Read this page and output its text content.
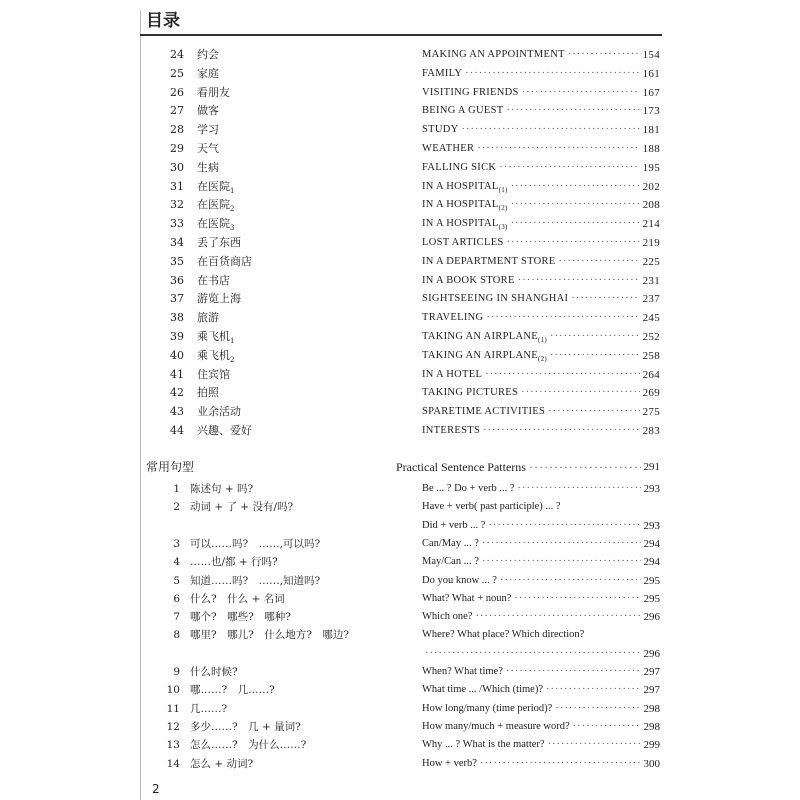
目录
24 约会	MAKING AN APPOINTMENT ·····	154
25 家庭	FAMILY ·····	161
26 看朋友	VISITING FRIENDS ·····	167
27 做客	BEING A GUEST ·····	173
28 学习	STUDY ·····	181
29 天气	WEATHER ·····	188
30 生病	FALLING SICK ·····	195
31 在医院$_1$	IN A $HOSPITAL_{(1)}$ ·····	202
32 在医院$_2$	IN A $HOSPITAL_{(2)}$ ·····	208
33 在医院$_3$	IN A $HOSPITAL_{(3)}$ ·····	214
34 丢了东西	LOST ARTICLES ·····	219
35 在百货商店	IN A DEPARTMENT STORE ·····	225
36 在书店	IN A BOOK STORE ·····	231
37 游览上海	SIGHTSEEING IN SHANGHAI ·····	237
38 旅游	TRAVELING ·····	245
39 乘飞机$_1$	TAKING AN $AIRPLANE_{(1)}$ ·····	252
40 乘飞机$_2$	TAKING AN $AIRPLANE_{(2)}$ ·····	258
41 住宾馆	IN A HOTEL ·····	264
42 拍照	TAKING PICTURES ·····	269
43 业余活动	SPARETIME ACTIVITIES ·····	275
44 兴趣、爱好	INTERESTS ·····	283
常用句型	Practical Sentence Patterns ·····	291
1 陈述句 + 吗?	Be ... ? Do + verb ... ? ·····	293
2 动词 + 了 + 没有/吗?	Have + verb( past participle) ... ?
Did + verb ... ? ·····	293
3 可以……吗?　……,可以吗?	Can/May ... ? ·····	294
4 ……也/都 + 行吗?	May/Can ... ? ·····	294
5 知道……吗?　……,知道吗?	Do you know ... ? ·····	295
6 什么?　什么 + 名词	What? What + noun? ·····	295
7 哪个?　哪些?　哪种?	Which one? ·····	296
8 哪里?　哪儿?　什么地方?　哪边?	Where? What place? Which direction?
·····
296
9 什么时候?	When? What time? ·····	297
10 哪……?　几……?	What time ... /Which (time)? ·····	297
11 几……?	How long/many (time period)? ·····	298
12 多少……?　几 + 量词?	How many/much + measure word? ·····	298
13 怎么……?　为什么……?	Why ... ? What is the matter? ·····	299
14 怎么 + 动词?	How + verb? ·····	300
2
